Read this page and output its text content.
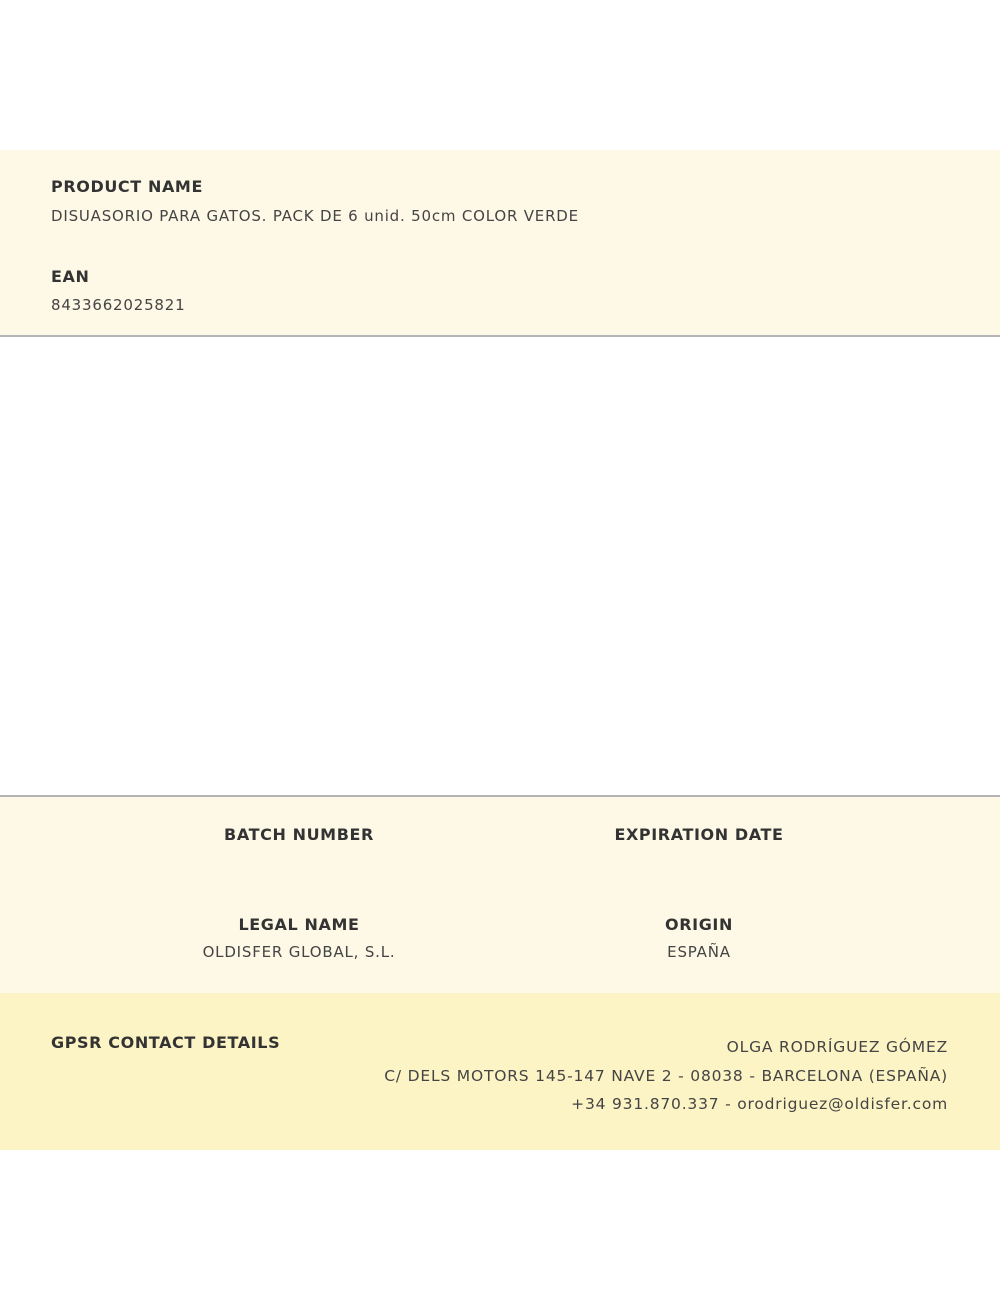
PRODUCT NAME
DISUASORIO PARA GATOS. PACK DE 6 unid. 50cm COLOR VERDE
EAN
8433662025821
BATCH NUMBER	EXPIRATION DATE
LEGAL NAME
OLDISFER GLOBAL, S.L.
ORIGIN
ESPAÑA
GPSR CONTACT DETAILS	OLGA RODRÍGUEZ GÓMEZ
C/ DELS MOTORS 145-147 NAVE 2 - 08038 - BARCELONA (ESPAÑA)
+34 931.870.337 - orodriguez@oldisfer.com
